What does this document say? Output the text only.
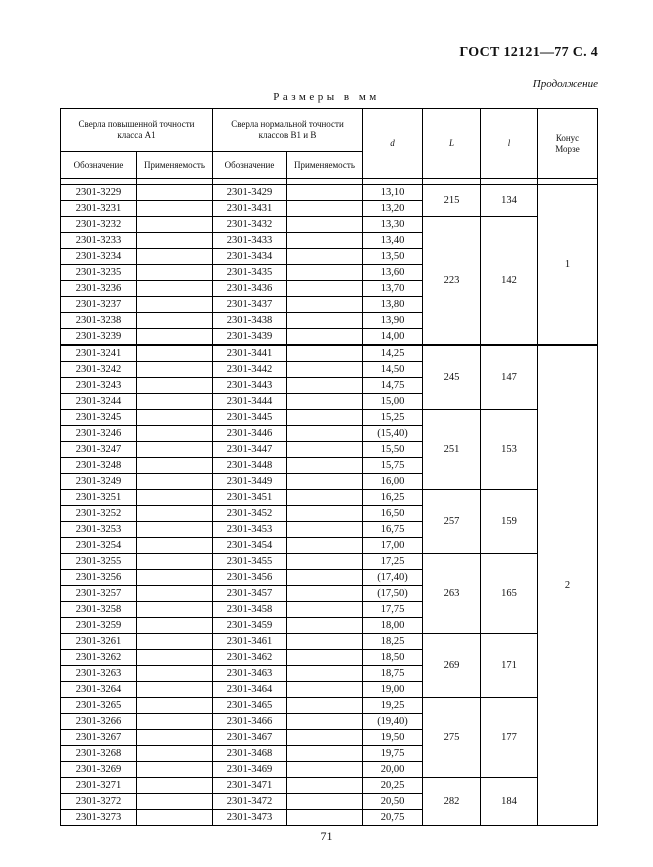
ГОСТ 12121—77 С. 4
Продолжение
Размеры в мм
Сверла повышенной точности класса А1		Сверла нормальной точности классов В1 и В		d	L	l	Конус Морзе
Обозначение	Применяемость	Обозначение	Применяемость				

2301-3229		2301-3429		13,10	215	134	1
2301-3231		2301-3431		13,20			
2301-3232		2301-3432		13,30	223	142	
2301-3233		2301-3433		13,40			
2301-3234		2301-3434		13,50			
2301-3235		2301-3435		13,60			
2301-3236		2301-3436		13,70			
2301-3237		2301-3437		13,80			
2301-3238		2301-3438		13,90			
2301-3239		2301-3439		14,00			
2301-3241		2301-3441		14,25	245	147	2
2301-3242		2301-3442		14,50			
2301-3243		2301-3443		14,75			
2301-3244		2301-3444		15,00			
2301-3245		2301-3445		15,25	251	153	
2301-3246		2301-3446		(15,40)			
2301-3247		2301-3447		15,50			
2301-3248		2301-3448		15,75			
2301-3249		2301-3449		16,00			
2301-3251		2301-3451		16,25	257	159	
2301-3252		2301-3452		16,50			
2301-3253		2301-3453		16,75			
2301-3254		2301-3454		17,00			
2301-3255		2301-3455		17,25	263	165	
2301-3256		2301-3456		(17,40)			
2301-3257		2301-3457		(17,50)			
2301-3258		2301-3458		17,75			
2301-3259		2301-3459		18,00			
2301-3261		2301-3461		18,25	269	171	
2301-3262		2301-3462		18,50			
2301-3263		2301-3463		18,75			
2301-3264		2301-3464		19,00			
2301-3265		2301-3465		19,25	275	177	
2301-3266		2301-3466		(19,40)			
2301-3267		2301-3467		19,50			
2301-3268		2301-3468		19,75			
2301-3269		2301-3469		20,00			
2301-3271		2301-3471		20,25	282	184	
2301-3272		2301-3472		20,50			
2301-3273		2301-3473		20,75			
71
